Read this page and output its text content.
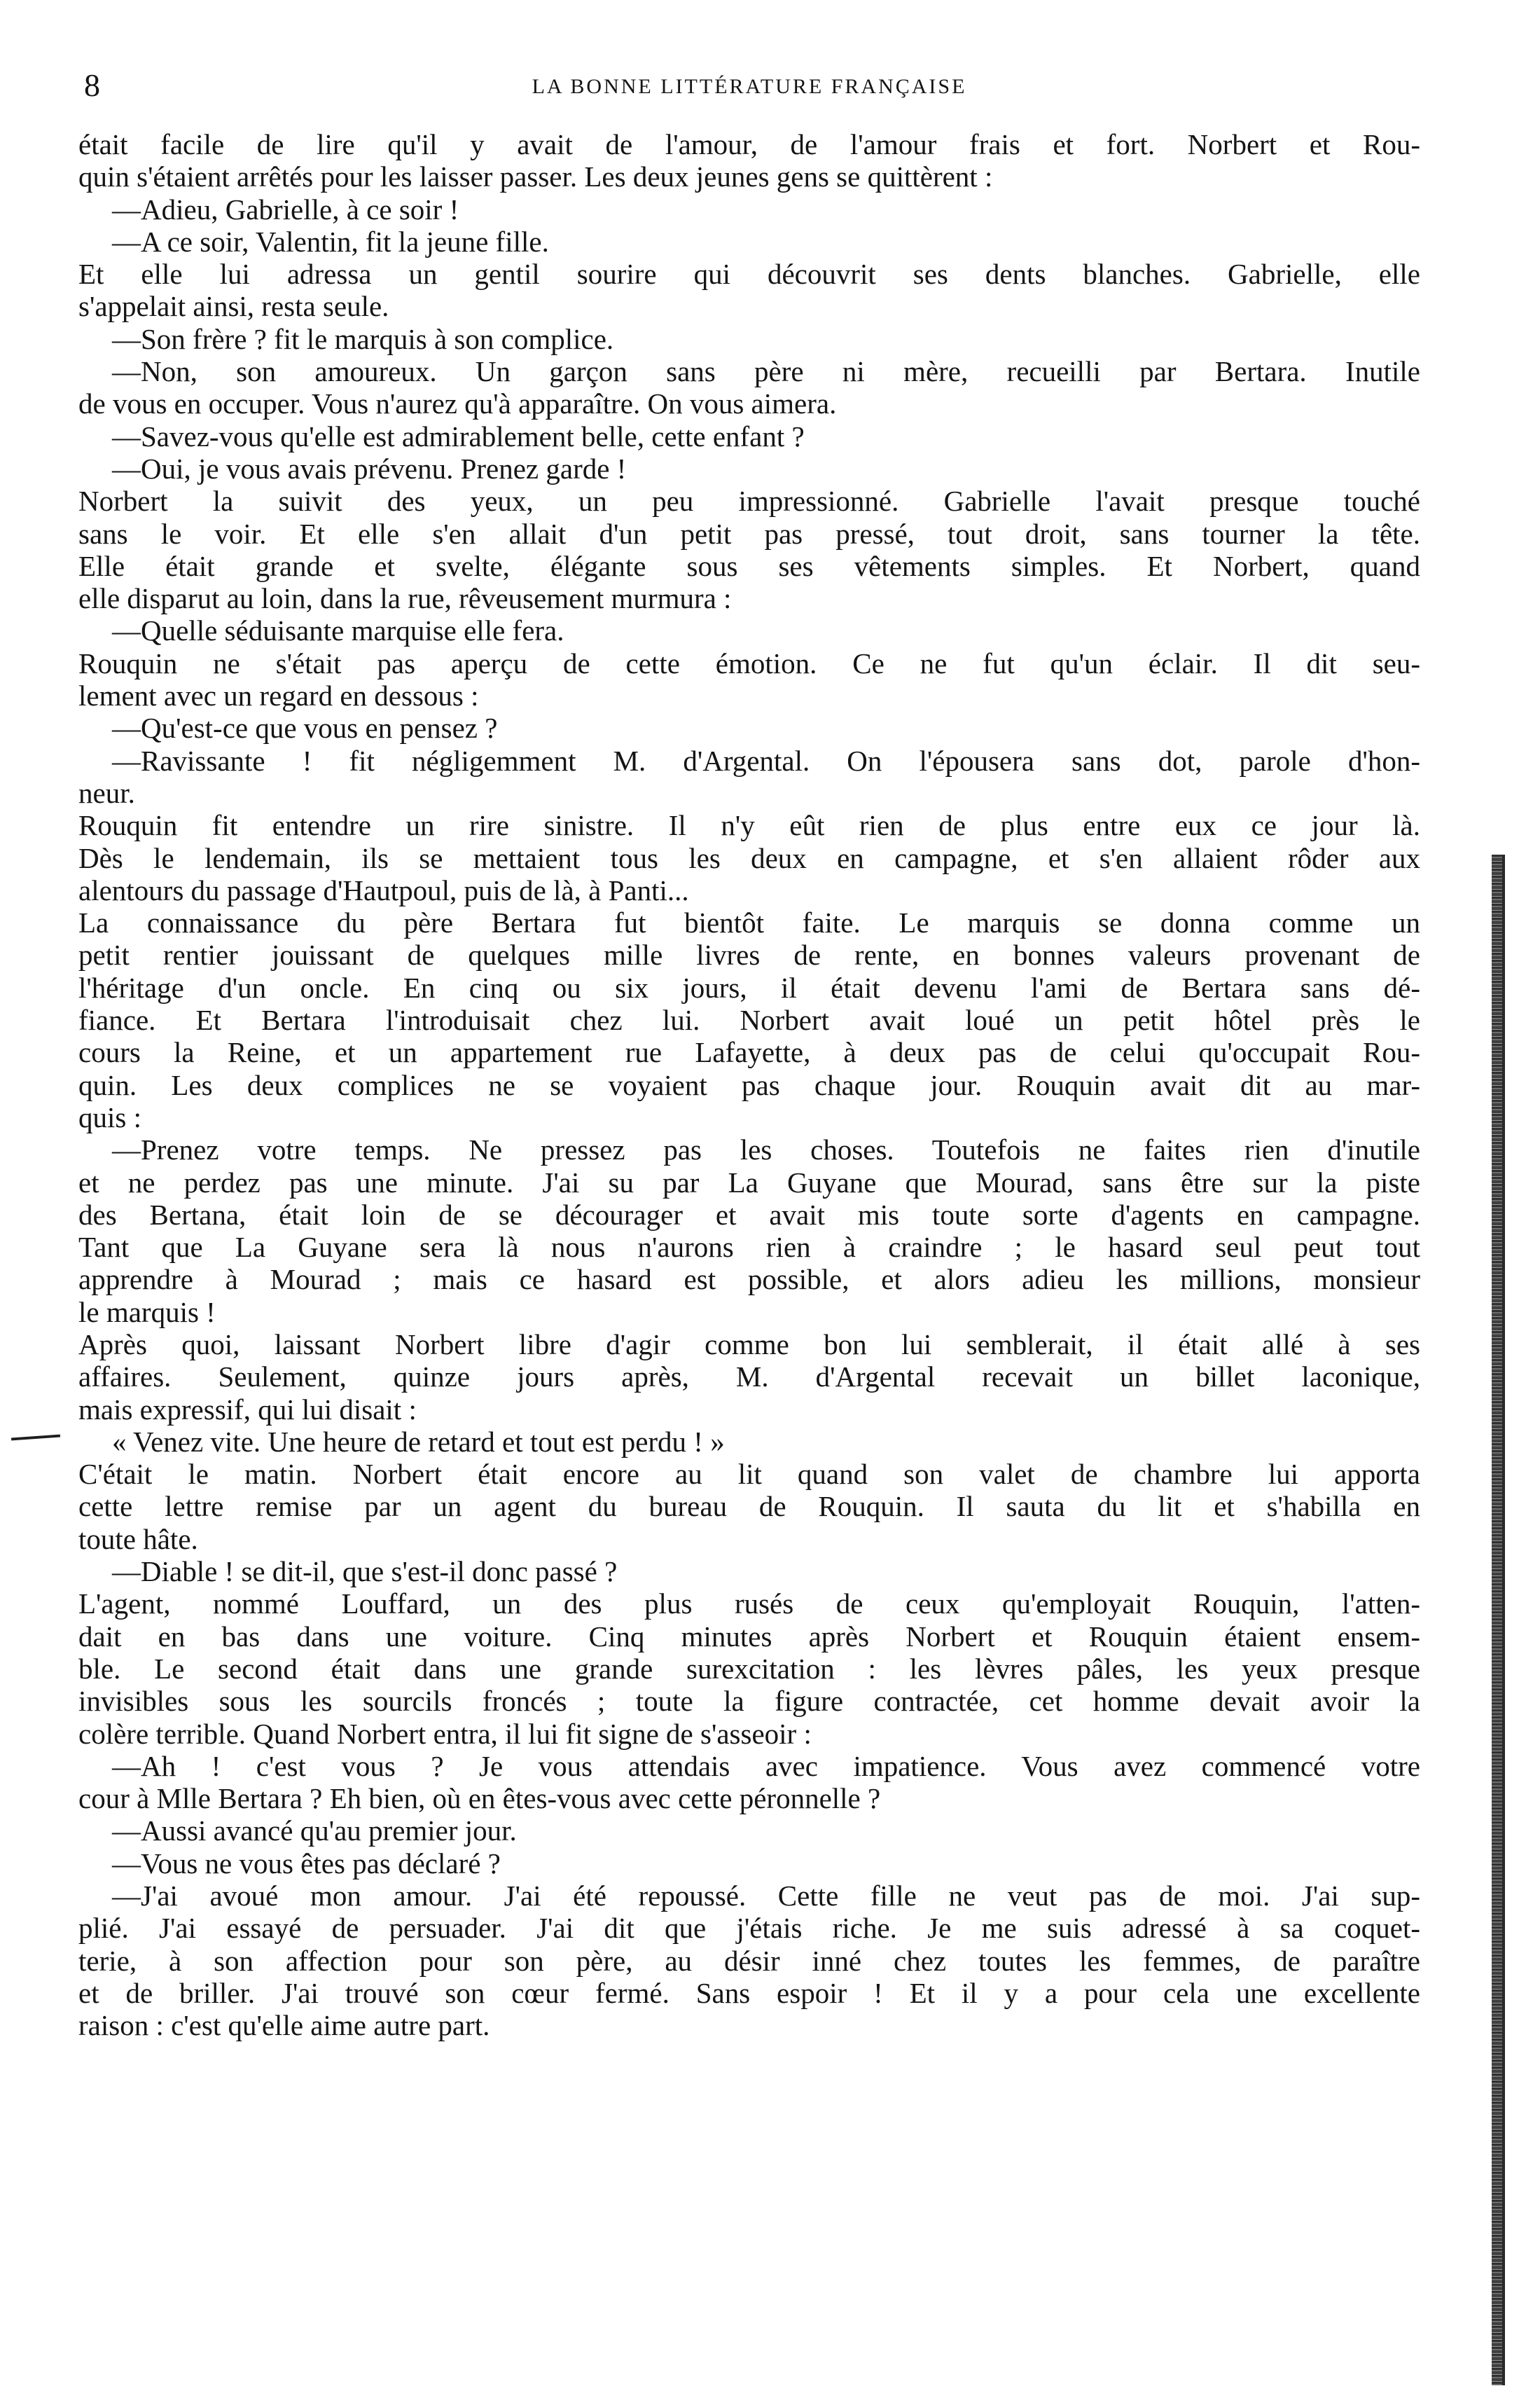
8	LA BONNE LITTÉRATURE FRANÇAISE
était facile de lire qu'il y avait de l'amour, de l'amour frais et fort. Norbert et Rou-
quin s'étaient arrêtés pour les laisser passer. Les deux jeunes gens se quittèrent :
—Adieu, Gabrielle, à ce soir !
—A ce soir, Valentin, fit la jeune fille.
Et elle lui adressa un gentil sourire qui découvrit ses dents blanches. Gabrielle, elle
s'appelait ainsi, resta seule.
—Son frère ? fit le marquis à son complice.
—Non, son amoureux. Un garçon sans père ni mère, recueilli par Bertara. Inutile
de vous en occuper. Vous n'aurez qu'à apparaître. On vous aimera.
—Savez-vous qu'elle est admirablement belle, cette enfant ?
—Oui, je vous avais prévenu. Prenez garde !
Norbert la suivit des yeux, un peu impressionné. Gabrielle l'avait presque touché
sans le voir. Et elle s'en allait d'un petit pas pressé, tout droit, sans tourner la tête.
Elle était grande et svelte, élégante sous ses vêtements simples. Et Norbert, quand
elle disparut au loin, dans la rue, rêveusement murmura :
—Quelle séduisante marquise elle fera.
Rouquin ne s'était pas aperçu de cette émotion. Ce ne fut qu'un éclair. Il dit seu-
lement avec un regard en dessous :
—Qu'est-ce que vous en pensez ?
—Ravissante ! fit négligemment M. d'Argental. On l'épousera sans dot, parole d'hon-
neur.
Rouquin fit entendre un rire sinistre. Il n'y eût rien de plus entre eux ce jour là.
Dès le lendemain, ils se mettaient tous les deux en campagne, et s'en allaient rôder aux
alentours du passage d'Hautpoul, puis de là, à Panti...
La connaissance du père Bertara fut bientôt faite. Le marquis se donna comme un
petit rentier jouissant de quelques mille livres de rente, en bonnes valeurs provenant de
l'héritage d'un oncle. En cinq ou six jours, il était devenu l'ami de Bertara sans dé-
fiance. Et Bertara l'introduisait chez lui. Norbert avait loué un petit hôtel près le
cours la Reine, et un appartement rue Lafayette, à deux pas de celui qu'occupait Rou-
quin. Les deux complices ne se voyaient pas chaque jour. Rouquin avait dit au mar-
quis :
—Prenez votre temps. Ne pressez pas les choses. Toutefois ne faites rien d'inutile
et ne perdez pas une minute. J'ai su par La Guyane que Mourad, sans être sur la piste
des Bertana, était loin de se décourager et avait mis toute sorte d'agents en campagne.
Tant que La Guyane sera là nous n'aurons rien à craindre ; le hasard seul peut tout
apprendre à Mourad ; mais ce hasard est possible, et alors adieu les millions, monsieur
le marquis !
Après quoi, laissant Norbert libre d'agir comme bon lui semblerait, il était allé à ses
affaires. Seulement, quinze jours après, M. d'Argental recevait un billet laconique,
mais expressif, qui lui disait :
« Venez vite. Une heure de retard et tout est perdu ! »
C'était le matin. Norbert était encore au lit quand son valet de chambre lui apporta
cette lettre remise par un agent du bureau de Rouquin. Il sauta du lit et s'habilla en
toute hâte.
—Diable ! se dit-il, que s'est-il donc passé ?
L'agent, nommé Louffard, un des plus rusés de ceux qu'employait Rouquin, l'atten-
dait en bas dans une voiture. Cinq minutes après Norbert et Rouquin étaient ensem-
ble. Le second était dans une grande surexcitation : les lèvres pâles, les yeux presque
invisibles sous les sourcils froncés ; toute la figure contractée, cet homme devait avoir la
colère terrible. Quand Norbert entra, il lui fit signe de s'asseoir :
—Ah ! c'est vous ? Je vous attendais avec impatience. Vous avez commencé votre
cour à Mlle Bertara ? Eh bien, où en êtes-vous avec cette péronnelle ?
—Aussi avancé qu'au premier jour.
—Vous ne vous êtes pas déclaré ?
—J'ai avoué mon amour. J'ai été repoussé. Cette fille ne veut pas de moi. J'ai sup-
plié. J'ai essayé de persuader. J'ai dit que j'étais riche. Je me suis adressé à sa coquet-
terie, à son affection pour son père, au désir inné chez toutes les femmes, de paraître
et de briller. J'ai trouvé son cœur fermé. Sans espoir ! Et il y a pour cela une excellente
raison : c'est qu'elle aime autre part.
